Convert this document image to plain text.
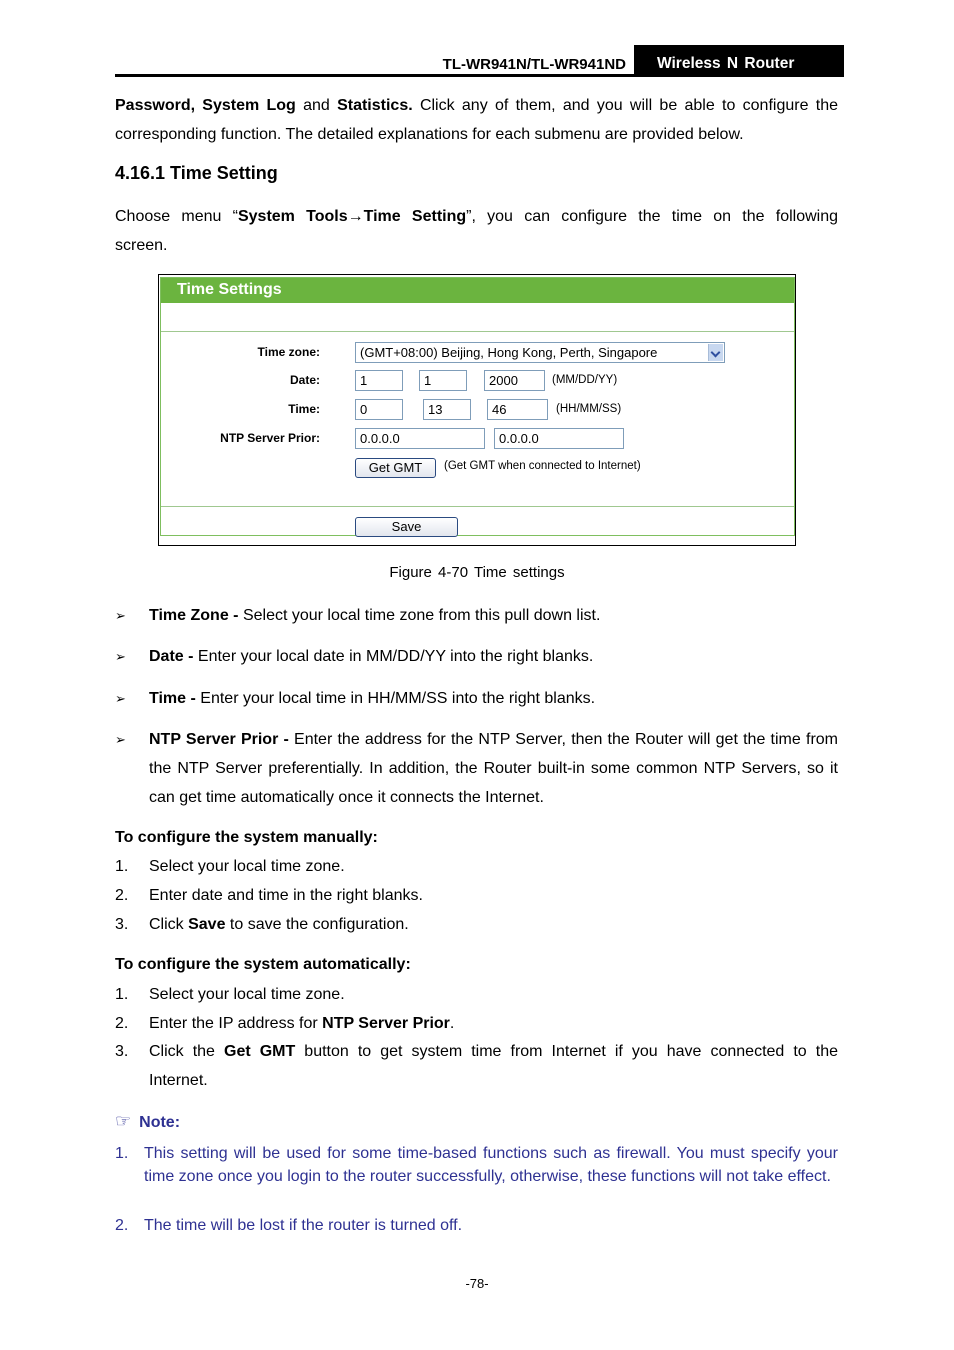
TL-WR941N/TL-WR941ND	Wireless N Router
Password, System Log and Statistics. Click any of them, and you will be able to configure the corresponding function. The detailed explanations for each submenu are provided below.
4.16.1 Time Setting
Choose menu “System Tools→Time Setting”, you can configure the time on the following screen.
Time Settings
Time zone:	(GMT+08:00) Beijing, Hong Kong, Perth, Singapore
Date:	1	1	2000	(MM/DD/YY)
Time:	0	13	46	(HH/MM/SS)
NTP Server Prior:	0.0.0.0	0.0.0.0
Get GMT	(Get GMT when connected to Internet)
Save
Figure 4-70 Time settings
➢ Time Zone - Select your local time zone from this pull down list.
➢ Date - Enter your local date in MM/DD/YY into the right blanks.
➢ Time - Enter your local time in HH/MM/SS into the right blanks.
➢ NTP Server Prior - Enter the address for the NTP Server, then the Router will get the time from the NTP Server preferentially. In addition, the Router built-in some common NTP Servers, so it can get time automatically once it connects the Internet.
To configure the system manually:
1. Select your local time zone.
2. Enter date and time in the right blanks.
3. Click Save to save the configuration.
To configure the system automatically:
1. Select your local time zone.
2. Enter the IP address for NTP Server Prior.
3. Click the Get GMT button to get system time from Internet if you have connected to the Internet.
☞ Note:
1. This setting will be used for some time-based functions such as firewall. You must specify your time zone once you login to the router successfully, otherwise, these functions will not take effect.
2. The time will be lost if the router is turned off.
-78-
